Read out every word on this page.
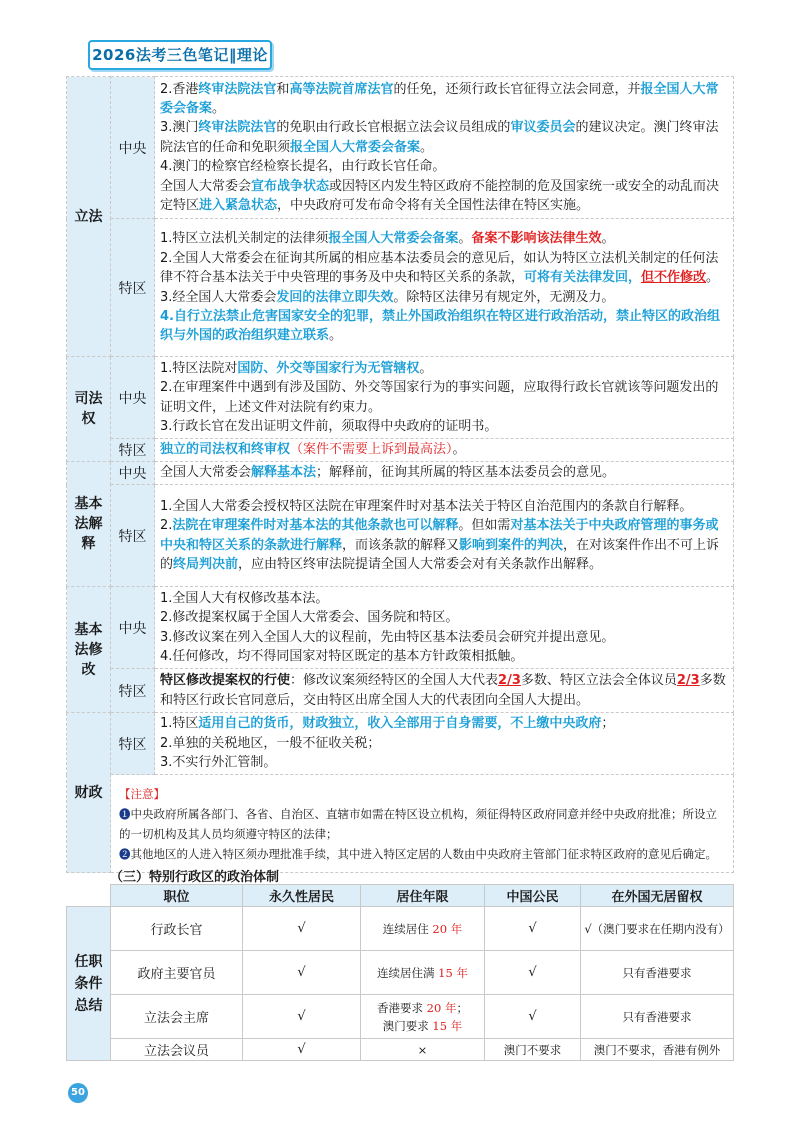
2026法考三色笔记‖理论
立法	中央	2.香港终审法院法官和高等法院首席法官的任免，还须行政长官征得立法会同意，并报全国人大常委会备案。
3.澳门终审法院法官的免职由行政长官根据立法会议员组成的审议委员会的建议决定。澳门终审法院法官的任命和免职须报全国人大常委会备案。
4.澳门的检察官经检察长提名，由行政长官任命。
全国人大常委会宣布战争状态或因特区内发生特区政府不能控制的危及国家统一或安全的动乱而决定特区进入紧急状态，中央政府可发布命令将有关全国性法律在特区实施。

	特区	1.特区立法机关制定的法律须报全国人大常委会备案。备案不影响该法律生效。
2.全国人大常委会在征询其所属的相应基本法委员会的意见后，如认为特区立法机关制定的任何法律不符合基本法关于中央管理的事务及中央和特区关系的条款，可将有关法律发回，但不作修改。
3.经全国人大常委会发回的法律立即失效。除特区法律另有规定外，无溯及力。
4.自行立法禁止危害国家安全的犯罪，禁止外国政治组织在特区进行政治活动，禁止特区的政治组织与外国的政治组织建立联系。

司法权	中央	1.特区法院对国防、外交等国家行为无管辖权。
2.在审理案件中遇到有涉及国防、外交等国家行为的事实问题，应取得行政长官就该等问题发出的证明文件，上述文件对法院有约束力。
3.行政长官在发出证明文件前，须取得中央政府的证明书。

	特区	独立的司法权和终审权（案件不需要上诉到最高法）。
基本法解释	中央	全国人大常委会解释基本法；解释前，征询其所属的特区基本法委员会的意见。
	特区	1.全国人大常委会授权特区法院在审理案件时对基本法关于特区自治范围内的条款自行解释。
2.法院在审理案件时对基本法的其他条款也可以解释。但如需对基本法关于中央政府管理的事务或中央和特区关系的条款进行解释，而该条款的解释又影响到案件的判决，在对该案件作出不可上诉的终局判决前，应由特区终审法院提请全国人大常委会对有关条款作出解释。

基本法修改	中央	1.全国人大有权修改基本法。
2.修改提案权属于全国人大常委会、国务院和特区。
3.修改议案在列入全国人大的议程前，先由特区基本法委员会研究并提出意见。
4.任何修改，均不得同国家对特区既定的基本方针政策相抵触。

	特区	特区修改提案权的行使：修改议案须经特区的全国人大代表2/3多数、特区立法会全体议员2/3多数和特区行政长官同意后，交由特区出席全国人大的代表团向全国人大提出。
财政	特区	1.特区适用自己的货币，财政独立，收入全部用于自身需要，不上缴中央政府；
2.单独的关税地区，一般不征收关税；
3.不实行外汇管制。

	【注意】
❶中央政府所属各部门、各省、自治区、直辖市如需在特区设立机构，须征得特区政府同意并经中央政府批准；所设立的一切机构及其人员均须遵守特区的法律；
❷其他地区的人进入特区须办理批准手续，其中进入特区定居的人数由中央政府主管部门征求特区政府的意见后确定。	
（三）特别行政区的政治体制
	职位	永久性居民	居住年限	中国公民	在外国无居留权
任职条件总结	行政长官	√	连续居住 20 年	√	√（澳门要求在任期内没有）
	政府主要官员	√	连续居住满 15 年	√	只有香港要求
	立法会主席	√	香港要求 20 年；
澳门要求 15 年	√	只有香港要求
	立法会议员	√	×	澳门不要求	澳门不要求，香港有例外
50
